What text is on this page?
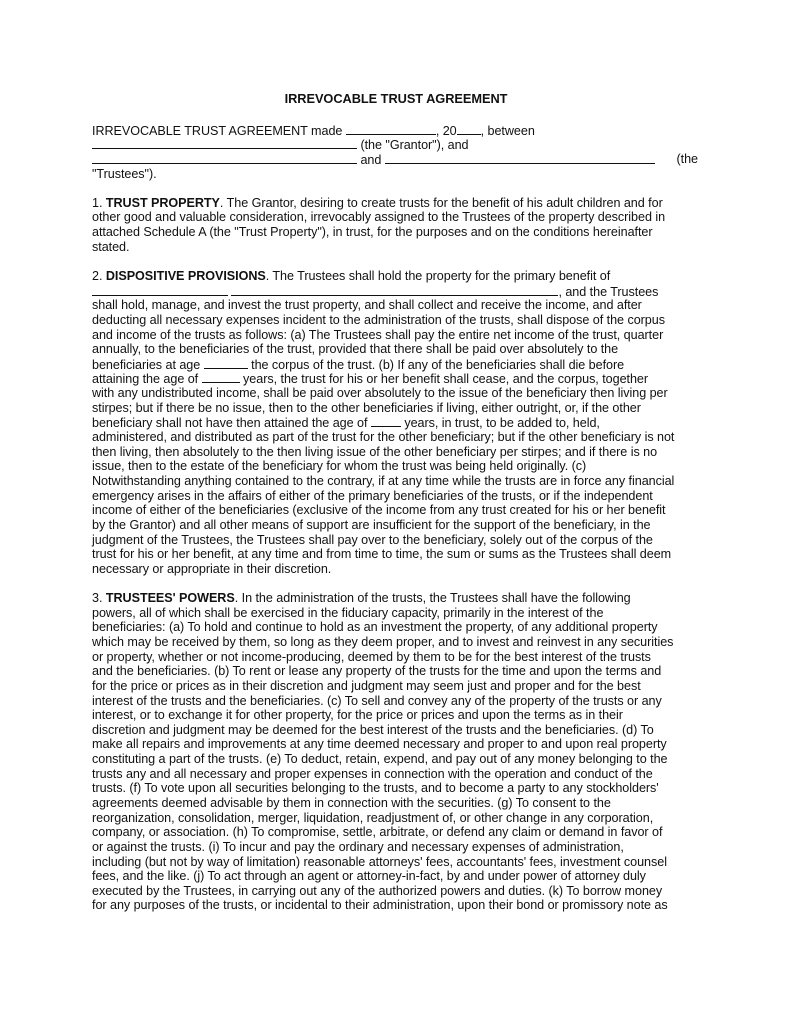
IRREVOCABLE TRUST AGREEMENT
IRREVOCABLE TRUST AGREEMENT made	, 20 , between
(the "Grantor"), and
and	(the
"Trustees").
1. TRUST PROPERTY. The Grantor, desiring to create trusts for the benefit of his adult children and for
other good and valuable consideration, irrevocably assigned to the Trustees of the property described in
attached Schedule A (the "Trust Property"), in trust, for the purposes and on the conditions hereinafter
stated.
2. DISPOSITIVE PROVISIONS. The Trustees shall hold the property for the primary benefit of
, and the Trustees
shall hold, manage, and invest the trust property, and shall collect and receive the income, and after
deducting all necessary expenses incident to the administration of the trusts, shall dispose of the corpus
and income of the trusts as follows: (a) The Trustees shall pay the entire net income of the trust, quarter
annually, to the beneficiaries of the trust, provided that there shall be paid over absolutely to the
beneficiaries at age	the corpus of the trust. (b) If any of the beneficiaries shall die before
attaining the age of	years, the trust for his or her benefit shall cease, and the corpus, together
with any undistributed income, shall be paid over absolutely to the issue of the beneficiary then living per
stirpes; but if there be no issue, then to the other beneficiaries if living, either outright, or, if the other
beneficiary shall not have then attained the age of	years, in trust, to be added to, held,
administered, and distributed as part of the trust for the other beneficiary; but if the other beneficiary is not
then living, then absolutely to the then living issue of the other beneficiary per stirpes; and if there is no
issue, then to the estate of the beneficiary for whom the trust was being held originally. (c)
Notwithstanding anything contained to the contrary, if at any time while the trusts are in force any financial
emergency arises in the affairs of either of the primary beneficiaries of the trusts, or if the independent
income of either of the beneficiaries (exclusive of the income from any trust created for his or her benefit
by the Grantor) and all other means of support are insufficient for the support of the beneficiary, in the
judgment of the Trustees, the Trustees shall pay over to the beneficiary, solely out of the corpus of the
trust for his or her benefit, at any time and from time to time, the sum or sums as the Trustees shall deem
necessary or appropriate in their discretion.
3. TRUSTEES' POWERS. In the administration of the trusts, the Trustees shall have the following
powers, all of which shall be exercised in the fiduciary capacity, primarily in the interest of the
beneficiaries: (a) To hold and continue to hold as an investment the property, of any additional property
which may be received by them, so long as they deem proper, and to invest and reinvest in any securities
or property, whether or not income-producing, deemed by them to be for the best interest of the trusts
and the beneficiaries. (b) To rent or lease any property of the trusts for the time and upon the terms and
for the price or prices as in their discretion and judgment may seem just and proper and for the best
interest of the trusts and the beneficiaries. (c) To sell and convey any of the property of the trusts or any
interest, or to exchange it for other property, for the price or prices and upon the terms as in their
discretion and judgment may be deemed for the best interest of the trusts and the beneficiaries. (d) To
make all repairs and improvements at any time deemed necessary and proper to and upon real property
constituting a part of the trusts. (e) To deduct, retain, expend, and pay out of any money belonging to the
trusts any and all necessary and proper expenses in connection with the operation and conduct of the
trusts. (f) To vote upon all securities belonging to the trusts, and to become a party to any stockholders'
agreements deemed advisable by them in connection with the securities. (g) To consent to the
reorganization, consolidation, merger, liquidation, readjustment of, or other change in any corporation,
company, or association. (h) To compromise, settle, arbitrate, or defend any claim or demand in favor of
or against the trusts. (i) To incur and pay the ordinary and necessary expenses of administration,
including (but not by way of limitation) reasonable attorneys' fees, accountants' fees, investment counsel
fees, and the like. (j) To act through an agent or attorney-in-fact, by and under power of attorney duly
executed by the Trustees, in carrying out any of the authorized powers and duties. (k) To borrow money
for any purposes of the trusts, or incidental to their administration, upon their bond or promissory note as
